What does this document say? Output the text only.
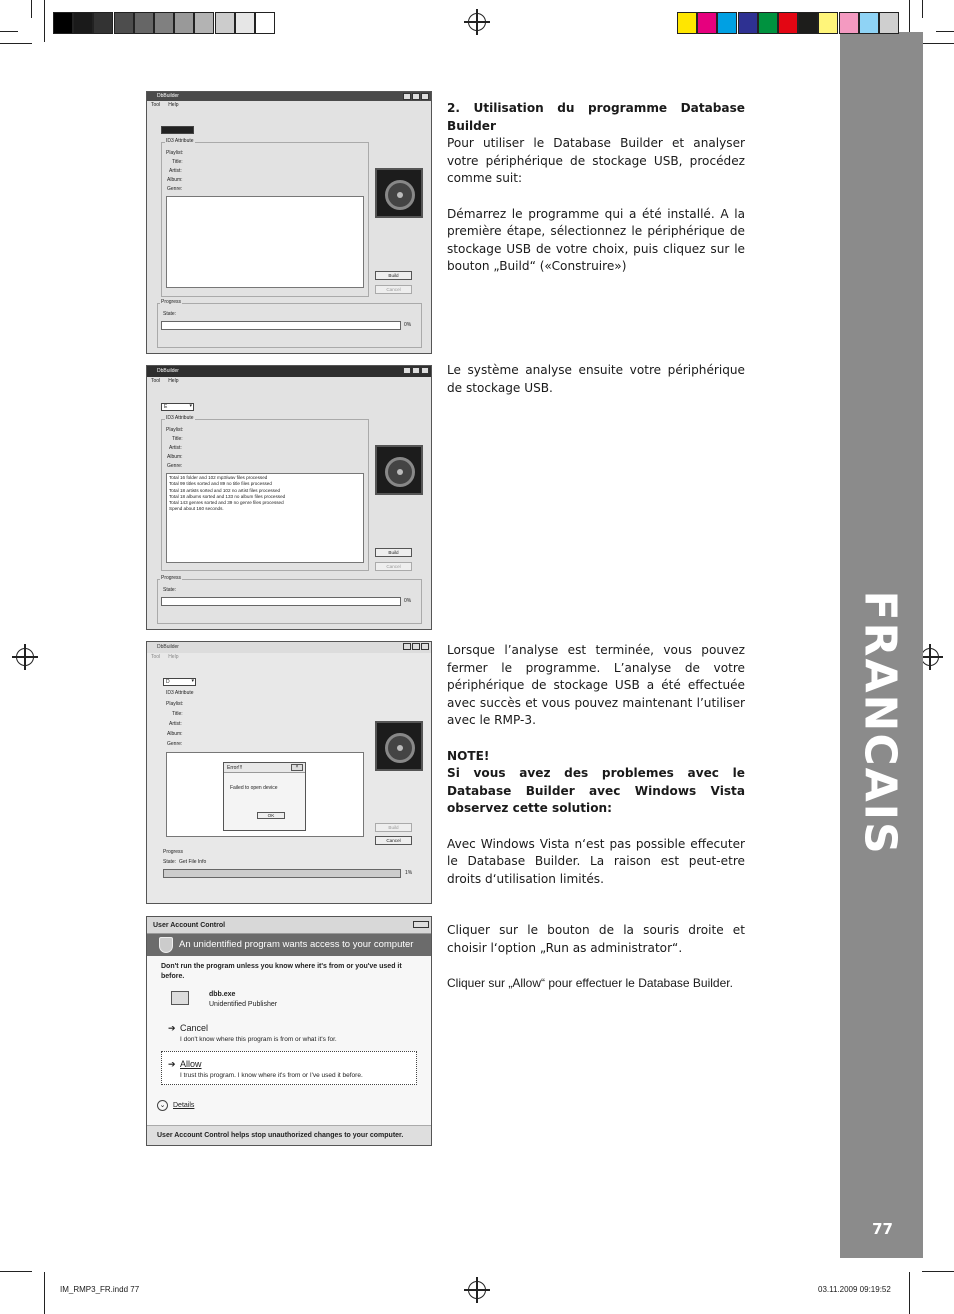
77
DbBuilder
Tool Help
▾
ID3 Attribute
Playlist:
Title:
Artist:
Album:
Genre:
Build
Cancel
Progress
State:
0%
DbBuilder
Tool Help
E ▾
ID3 Attribute
Playlist:
Title:
Artist:
Album:
Genre:
Total 16 folder and 102 mp3/wav files processed
Total 99 titles sorted and 89 no title files processed
Total 18 artists sorted and 102 no artist files processed
Total 18 albums sorted and 133 no album files processed
Total 143 genres sorted and 39 no genre files processed
Spend about 160 seconds.
Build
Cancel
Progress
State:
0%
DbBuilder
Tool Help
D ▾
ID3 Attribute
Playlist:
Title:
Artist:
Album:
Genre:
Error!!!	×
Failed to open device
OK
Build
Cancel
Progress
State: Get File Info
1%
User Account Control
An unidentified program wants access to your computer
Don't run the program unless you know where it's from or you've used it before.
dbb.exe
Unidentified Publisher
➔ Cancel
I don't know where this program is from or what it's for.
➔ Allow
I trust this program. I know where it's from or I've used it before.
⌄	Details
User Account Control helps stop unauthorized changes to your computer.
2. Utilisation du programme Database Builder

Pour utiliser le Database Builder et analyser votre périphérique de stockage USB, procédez comme suit:

Démarrez le programme qui a été installé. A la première étape, sélectionnez le périphérique de stockage USB de votre choix, puis cliquez sur le bouton „Build“ («Construire»)

Le système analyse ensuite votre périphérique de stockage USB.

Lorsque l’analyse est terminée, vous pouvez fermer le programme. L’analyse de votre périphérique de stockage USB a été effectuée avec succès et vous pouvez maintenant l’utiliser avec le RMP-3.

NOTE!

Si vous avez des problemes avec le Database Builder avec Windows Vista observez cette solution:

Avec Windows Vista n‘est pas possible effecuter le Database Builder. La raison est peut-etre droits d‘utilisation limités.

Cliquer sur le bouton de la souris droite et choisir l‘option „Run as administrator“.

Cliquer sur „Allow“ pour effectuer le Database Builder.
IM_RMP3_FR.indd 77	03.11.2009 09:19:52
